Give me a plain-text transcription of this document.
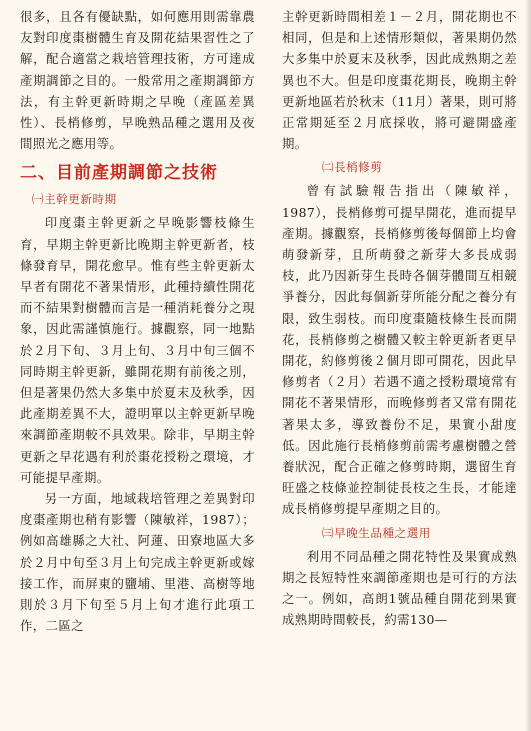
很多，且各有優缺點，如何應用則需靠農友對印度棗樹體生育及開花結果習性之了解，配合適當之栽培管理技術，方可達成產期調節之目的。一般常用之產期調節方法，有主幹更新時期之早晚（產區差異性）、長梢修剪，早晚熟品種之選用及夜間照光之應用等。

二、目前產期調節之技術
㈠主幹更新時期

印度棗主幹更新之早晚影響枝條生育，早期主幹更新比晚期主幹更新者，枝條發育早，開花愈早。惟有些主幹更新太早者有開花不著果情形，此種持續性開花而不結果對樹體而言是一種消耗養分之現象，因此需謹慎施行。據觀察，同一地點於２月下旬、３月上旬、３月中旬三個不同時期主幹更新，雖開花期有前後之別，但是著果仍然大多集中於夏末及秋季，因此產期差異不大，證明單以主幹更新早晚來調節產期較不具效果。除非，早期主幹更新之早花遇有利於棗花授粉之環境，才可能提早產期。

另一方面，地域栽培管理之差異對印度棗產期也稍有影響（陳敏祥，1987）；例如高雄縣之大社、阿蓮、田寮地區大多於２月中旬至３月上旬完成主幹更新或嫁接工作，而屏東的鹽埔、里港、高樹等地則於３月下旬至５月上旬才進行此項工作，二區之

主幹更新時間相差１－２月，開花期也不相同，但是和上述情形類似，著果期仍然大多集中於夏末及秋季，因此成熟期之差異也不大。但是印度棗花期長，晚期主幹更新地區若於秋末（11月）著果，則可將正常期延至２月底採收，將可避開盛產期。

㈡長梢修剪

曾有試驗報告指出（陳敏祥，1987），長梢修剪可提早開花，進而提早產期。據觀察，長梢修剪後每個節上均會萌發新芽，且所萌發之新芽大多長成弱枝，此乃因新芽生長時各個芽體間互相競爭養分，因此每個新芽所能分配之養分有限，致生弱枝。而印度棗隨枝條生長而開花，長梢修剪之樹體又較主幹更新者更早開花，約修剪後２個月即可開花，因此早修剪者（２月）若遇不適之授粉環境常有開花不著果情形，而晚修剪者又常有開花著果太多，導致養份不足，果實小甜度低。因此施行長梢修剪前需考慮樹體之營養狀況，配合正確之修剪時期，選留生育旺盛之枝條並控制徒長枝之生長，才能達成長梢修剪提早產期之目的。

㈢早晚生品種之選用

利用不同品種之開花特性及果實成熟期之長短特性來調節產期也是可行的方法之一。例如，高朗1號品種自開花到果實成熟期時間較長，約需130—
